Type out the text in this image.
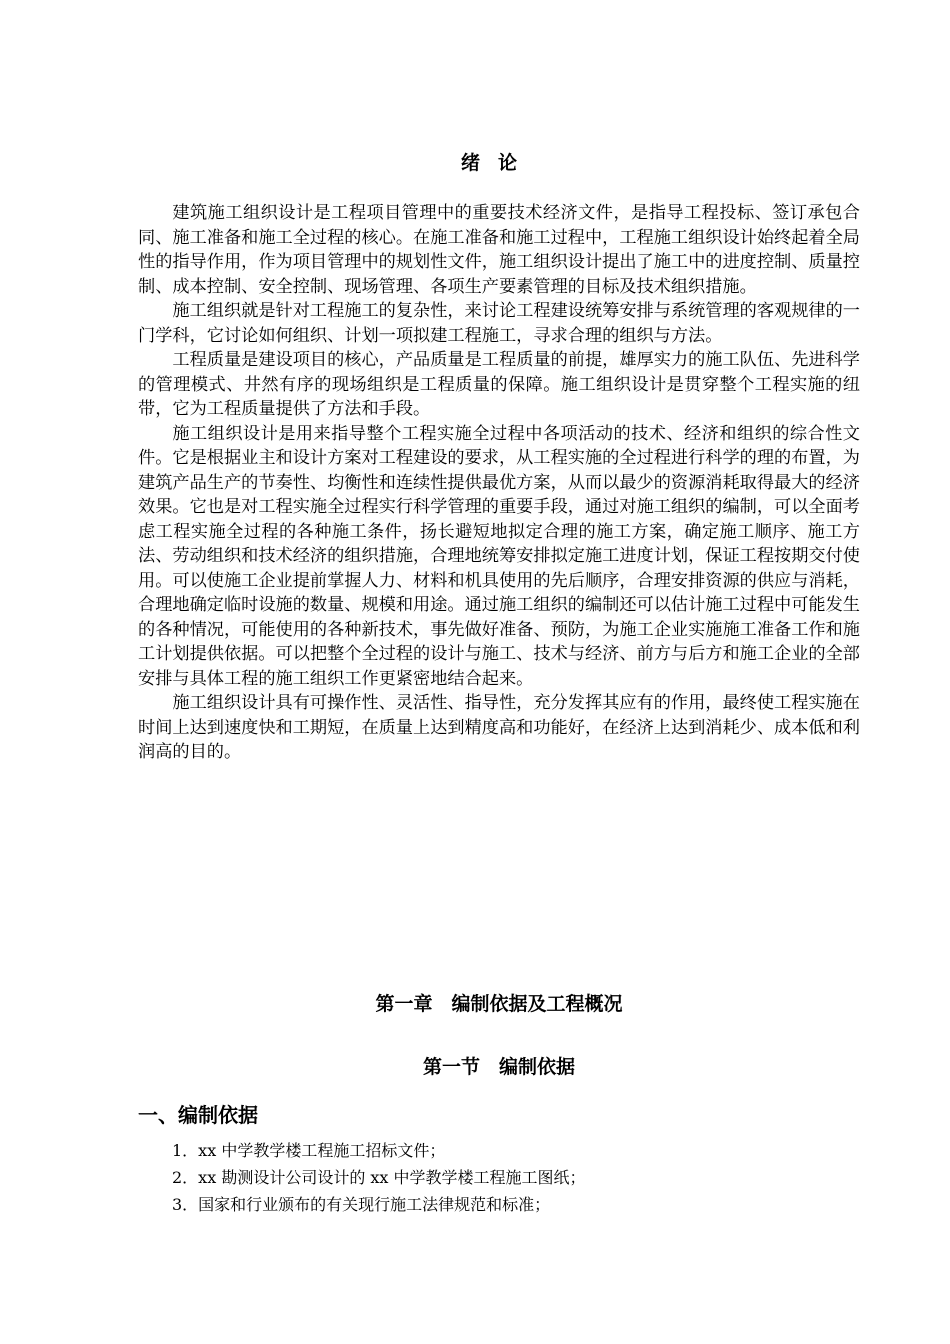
绪论

建筑施工组织设计是工程项目管理中的重要技术经济文件，是指导工程投标、签订承包合同、施工准备和施工全过程的核心。在施工准备和施工过程中，工程施工组织设计始终起着全局性的指导作用，作为项目管理中的规划性文件，施工组织设计提出了施工中的进度控制、质量控制、成本控制、安全控制、现场管理、各项生产要素管理的目标及技术组织措施。

施工组织就是针对工程施工的复杂性，来讨论工程建设统筹安排与系统管理的客观规律的一门学科，它讨论如何组织、计划一项拟建工程施工，寻求合理的组织与方法。

工程质量是建设项目的核心，产品质量是工程质量的前提，雄厚实力的施工队伍、先进科学的管理模式、井然有序的现场组织是工程质量的保障。施工组织设计是贯穿整个工程实施的纽带，它为工程质量提供了方法和手段。

施工组织设计是用来指导整个工程实施全过程中各项活动的技术、经济和组织的综合性文件。它是根据业主和设计方案对工程建设的要求，从工程实施的全过程进行科学的理的布置，为建筑产品生产的节奏性、均衡性和连续性提供最优方案，从而以最少的资源消耗取得最大的经济效果。它也是对工程实施全过程实行科学管理的重要手段，通过对施工组织的编制，可以全面考虑工程实施全过程的各种施工条件，扬长避短地拟定合理的施工方案，确定施工顺序、施工方法、劳动组织和技术经济的组织措施，合理地统筹安排拟定施工进度计划，保证工程按期交付使用。可以使施工企业提前掌握人力、材料和机具使用的先后顺序，合理安排资源的供应与消耗，合理地确定临时设施的数量、规模和用途。通过施工组织的编制还可以估计施工过程中可能发生的各种情况，可能使用的各种新技术，事先做好准备、预防，为施工企业实施施工准备工作和施工计划提供依据。可以把整个全过程的设计与施工、技术与经济、前方与后方和施工企业的全部安排与具体工程的施工组织工作更紧密地结合起来。

施工组织设计具有可操作性、灵活性、指导性，充分发挥其应有的作用，最终使工程实施在时间上达到速度快和工期短，在质量上达到精度高和功能好，在经济上达到消耗少、成本低和利润高的目的。

第一章　编制依据及工程概况
第一节　编制依据
一、编制依据
1．xx 中学教学楼工程施工招标文件；
2．xx 勘测设计公司设计的 xx 中学教学楼工程施工图纸；
3．国家和行业颁布的有关现行施工法律规范和标准；
